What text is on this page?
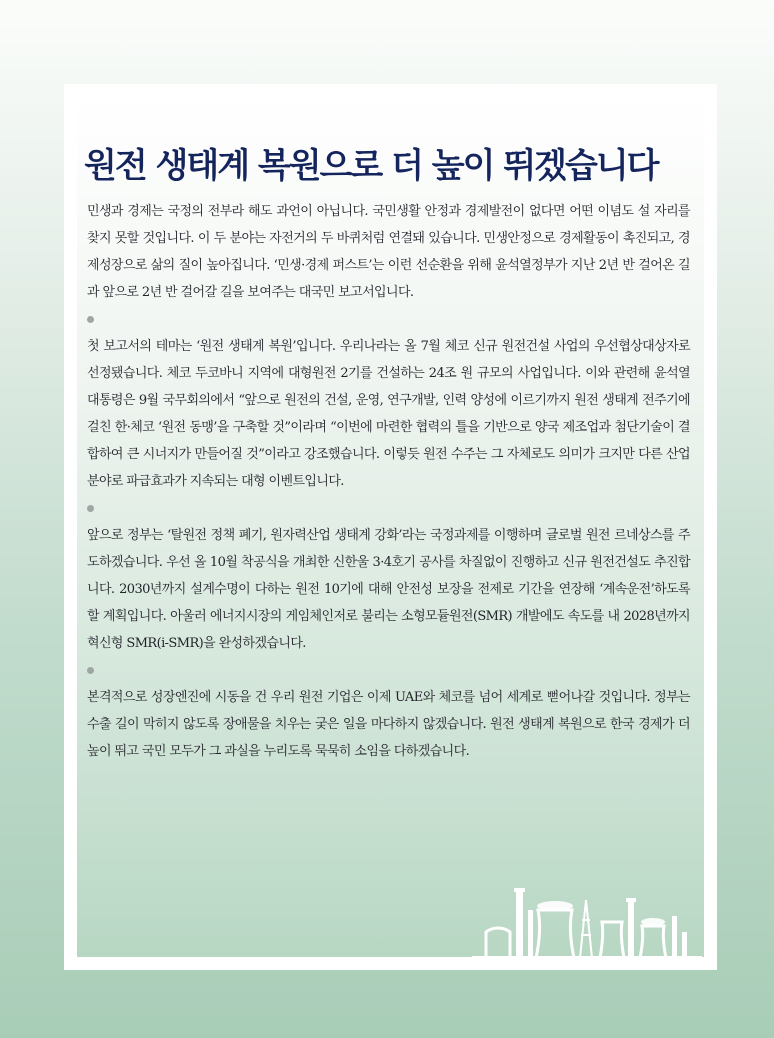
원전 생태계 복원으로 더 높이 뛰겠습니다

민생과 경제는 국정의 전부라 해도 과언이 아닙니다. 국민생활 안정과 경제발전이 없다면 어떤 이념도 설 자리를 찾지 못할 것입니다. 이 두 분야는 자전거의 두 바퀴처럼 연결돼 있습니다. 민생안정으로 경제활동이 촉진되고, 경제성장으로 삶의 질이 높아집니다. ‘민생·경제 퍼스트’는 이런 선순환을 위해 윤석열정부가 지난 2년 반 걸어온 길과 앞으로 2년 반 걸어갈 길을 보여주는 대국민 보고서입니다.

첫 보고서의 테마는 ‘원전 생태계 복원’입니다. 우리나라는 올 7월 체코 신규 원전건설 사업의 우선협상대상자로 선정됐습니다. 체코 두코바니 지역에 대형원전 2기를 건설하는 24조 원 규모의 사업입니다. 이와 관련해 윤석열 대통령은 9월 국무회의에서 “앞으로 원전의 건설, 운영, 연구개발, 인력 양성에 이르기까지 원전 생태계 전주기에 걸친 한·체코 ‘원전 동맹’을 구축할 것”이라며 “이번에 마련한 협력의 틀을 기반으로 양국 제조업과 첨단기술이 결합하여 큰 시너지가 만들어질 것”이라고 강조했습니다. 이렇듯 원전 수주는 그 자체로도 의미가 크지만 다른 산업 분야로 파급효과가 지속되는 대형 이벤트입니다.

앞으로 정부는 ‘탈원전 정책 폐기, 원자력산업 생태계 강화’라는 국정과제를 이행하며 글로벌 원전 르네상스를 주도하겠습니다. 우선 올 10월 착공식을 개최한 신한울 3·4호기 공사를 차질없이 진행하고 신규 원전건설도 추진합니다. 2030년까지 설계수명이 다하는 원전 10기에 대해 안전성 보장을 전제로 기간을 연장해 ‘계속운전’하도록 할 계획입니다. 아울러 에너지시장의 게임체인저로 불리는 소형모듈원전(SMR) 개발에도 속도를 내 2028년까지 혁신형 SMR(i-SMR)을 완성하겠습니다.

본격적으로 성장엔진에 시동을 건 우리 원전 기업은 이제 UAE와 체코를 넘어 세계로 뻗어나갈 것입니다. 정부는 수출 길이 막히지 않도록 장애물을 치우는 궂은 일을 마다하지 않겠습니다. 원전 생태계 복원으로 한국 경제가 더 높이 뛰고 국민 모두가 그 과실을 누리도록 묵묵히 소임을 다하겠습니다.
